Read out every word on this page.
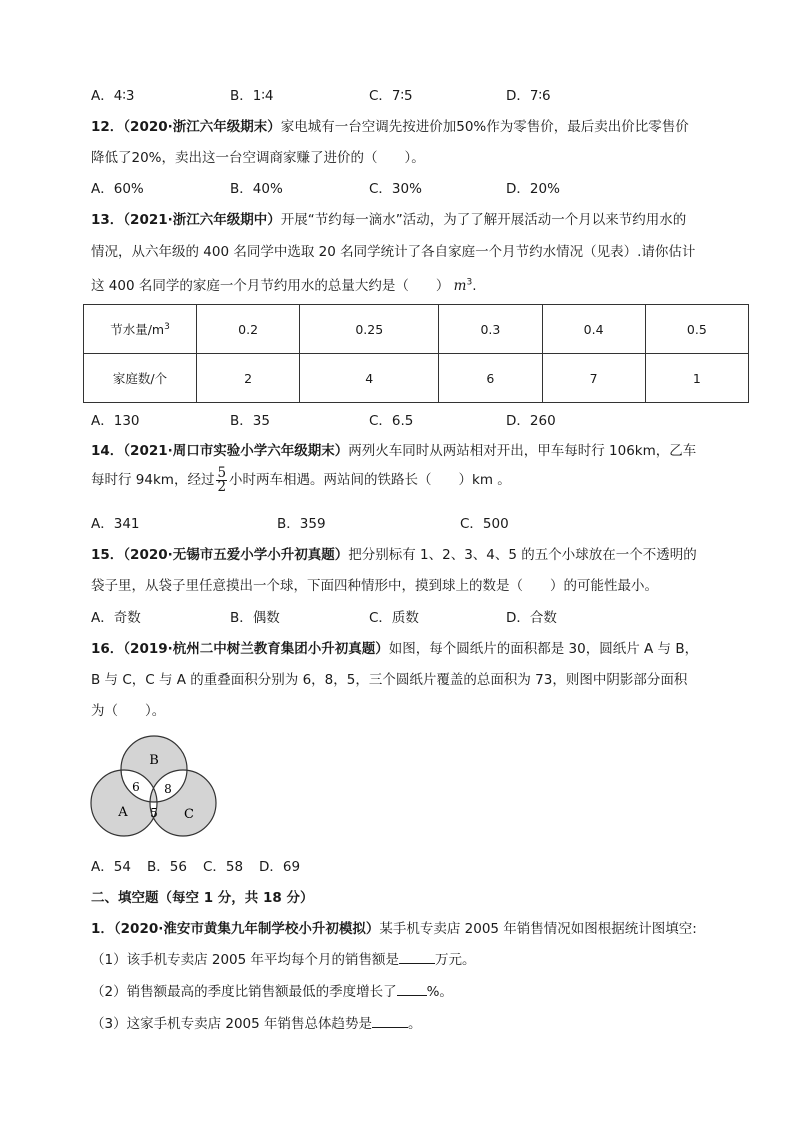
A．4∶3	B．1∶4	C．7∶5	D．7∶6
12．（2020·浙江六年级期末）家电城有一台空调先按进价加50%作为零售价，最后卖出价比零售价
降低了20%，卖出这一台空调商家赚了进价的（　　）。
A．60%	B．40%	C．30%	D．20%
13．（2021·浙江六年级期中）开展“节约每一滴水”活动，为了了解开展活动一个月以来节约用水的
情况，从六年级的 400 名同学中选取 20 名同学统计了各自家庭一个月节约水情况（见表）.请你估计
这 400 名同学的家庭一个月节约用水的总量大约是（　　） $m^3$.
节水量$/m^3$	0.2	0.25	0.3	0.4	0.5
家庭数/个	2	4	6	7	1
A．130	B．35	C．6.5	D．260
14．（2021·周口市实验小学六年级期末）两列火车同时从两站相对开出，甲车每时行 106km，乙车
每时行 94km，经过 $\frac{5}{2}$ 小时两车相遇。两站间的铁路长（　　）km 。
A．341	B．359	C．500
15．（2020·无锡市五爱小学小升初真题）把分别标有 1、2、3、4、5 的五个小球放在一个不透明的
袋子里，从袋子里任意摸出一个球，下面四种情形中，摸到球上的数是（　　）的可能性最小。
A．奇数	B．偶数	C．质数	D．合数
16．（2019·杭州二中树兰教育集团小升初真题）如图，每个圆纸片的面积都是 30，圆纸片 A 与 B，
B 与 C，C 与 A 的重叠面积分别为 6，8，5，三个圆纸片覆盖的总面积为 73，则图中阴影部分面积
为（　　）。
B
A	C
6 8
5
A．54 B．56 C．58 D．69
二、填空题（每空 1 分，共 18 分）
1．（2020·淮安市黄集九年制学校小升初模拟）某手机专卖店 2005 年销售情况如图根据统计图填空:
（1）该手机专卖店 2005 年平均每个月的销售额是	万元。
（2）销售额最高的季度比销售额最低的季度增长了 %。
（3）这家手机专卖店 2005 年销售总体趋势是	。
